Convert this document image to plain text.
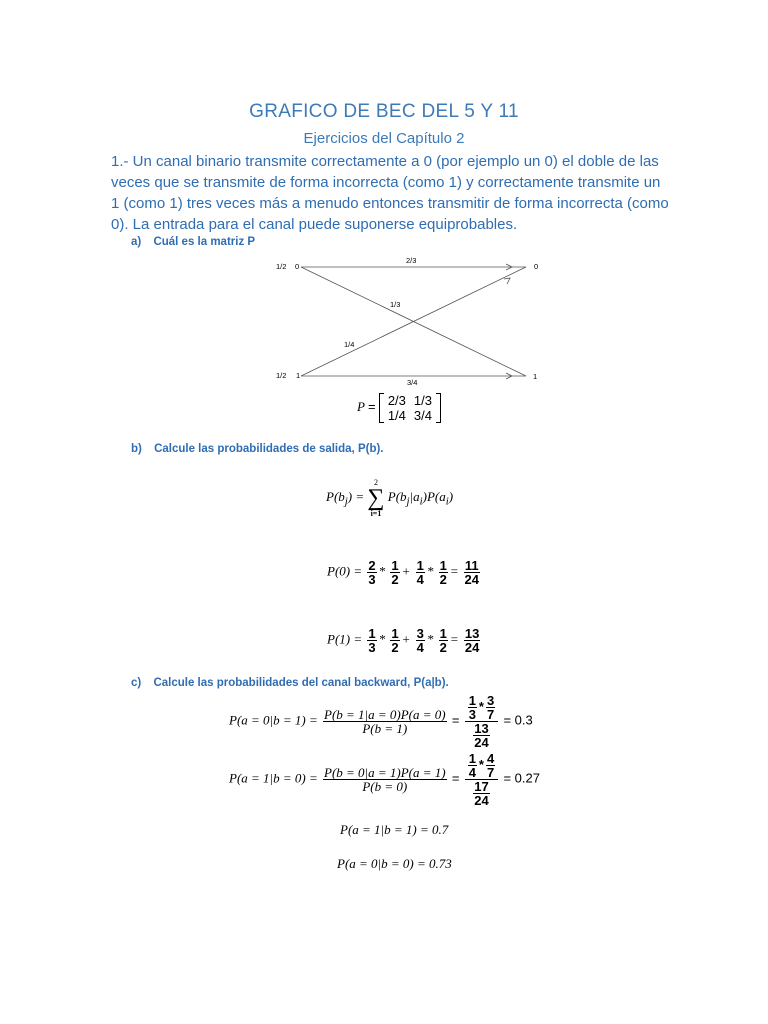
GRAFICO DE BEC DEL 5 Y 11
Ejercicios del Capítulo 2
1.- Un canal binario transmite correctamente a 0 (por ejemplo un 0) el doble de las veces que se transmite de forma incorrecta (como 1) y correctamente transmite un 1 (como 1) tres veces más a menudo entonces transmitir de forma incorrecta (como 0). La entrada para el canal puede suponerse equiprobables.
a) Cuál es la matriz P
1/2 0	0
1/2 1	1
2/3
1/3
1/4
3/4
P = 2/3	1/3
1/4	3/4
b) Calcule las probabilidades de salida, P(b).
$P(b_j)$ =
2
∑
i=1
$P(b_j|a_i)P(a_i)$
$P(0) = \frac{2}{3} * \frac{1}{2} + \frac{1}{4} * \frac{1}{2} = \frac{11}{24}$
$P(1) = \frac{1}{3} * \frac{1}{2} + \frac{3}{4} * \frac{1}{2} = \frac{13}{24}$
c) Calcule las probabilidades del canal backward, P(a|b).
$P(a = 0|b = 1) = \frac{P(b = 1|a = 0)P(a = 0)}{P(b = 1)} = \frac{\frac{1}{3} * \frac{3}{7}}{\frac{13}{24}} = 0.3$
$P(a = 1|b = 0) = \frac{P(b = 0|a = 1)P(a = 1)}{P(b = 0)} = \frac{\frac{1}{4} * \frac{4}{7}}{\frac{17}{24}} = 0.27$
P(a = 1|b = 1) = 0.7
P(a = 0|b = 0) = 0.73
